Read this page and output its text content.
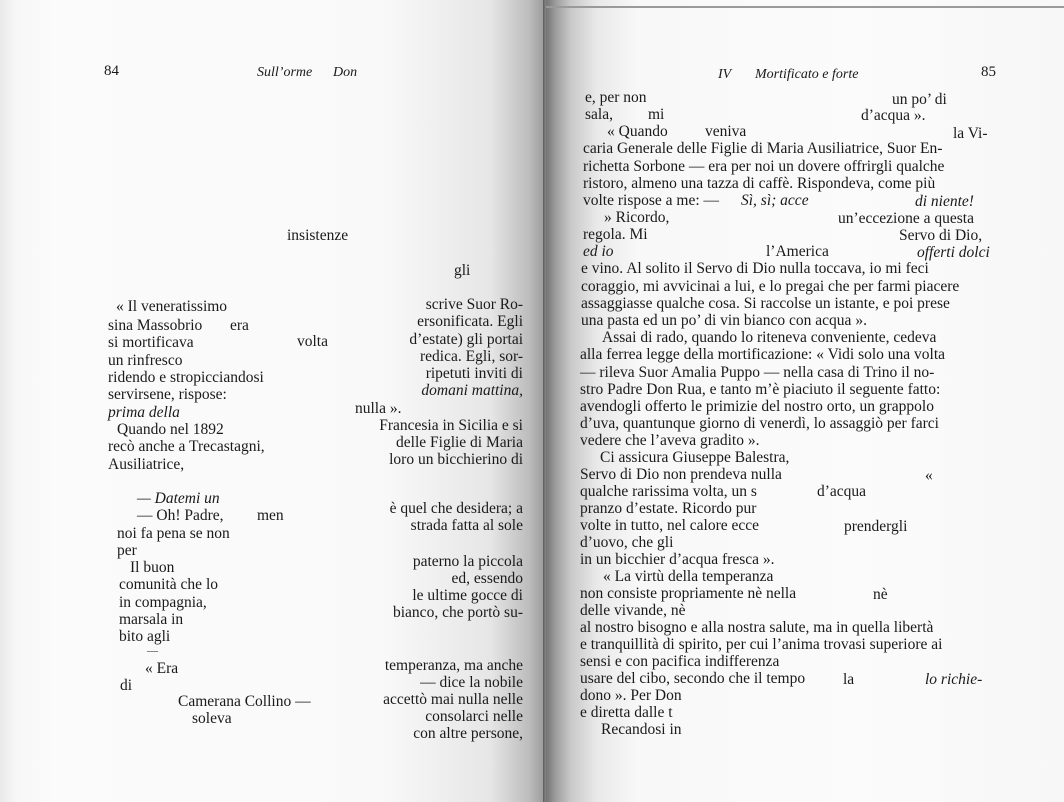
84	Sull’orme Don
insistenze
gli
« Il veneratissimo
sina Massobrio era
si mortificava	volta
un rinfresco
ridendo e stropicciandosi
servirsene, rispose:
prima della
Quando nel 1892
recò anche a Trecastagni,
Ausiliatrice,
— Datemi un
— Oh! Padre, men
noi fa pena se non
per
Il buon
comunità che lo
in compagnia,
marsala in
bito agli
—
« Era
di
Camerana Collino —
soleva
scrive Suor Ro-
ersonificata. Egli
d’estate) gli portai
redica. Egli, sor-
ripetuti inviti di
domani mattina,
nulla ».
Francesia in Sicilia e si
delle Figlie di Maria
loro un bicchierino di
è quel che desidera; a
strada fatta al sole
paterno la piccola
ed, essendo
le ultime gocce di
bianco, che portò su-
temperanza, ma anche
— dice la nobile
accettò mai nulla nelle
consolarci nelle
con altre persone,
IV Mortificato e forte	85
e, per non	un po’ di
sala, mi	d’acqua ».
« Quando veniva	la Vi-
caria Generale delle Figlie di Maria Ausiliatrice, Suor En-
richetta Sorbone — era per noi un dovere offrirgli qualche
ristoro, almeno una tazza di caffè. Rispondeva, come più
volte rispose a me: — Sì, sì; acce	di niente!
» Ricordo,	un’eccezione a questa
regola. Mi	Servo di Dio,
ed io	l’America	offerti dolci
e vino. Al solito il Servo di Dio nulla toccava, io mi feci
coraggio, mi avvicinai a lui, e lo pregai che per farmi piacere
assaggiasse qualche cosa. Si raccolse un istante, e poi prese
una pasta ed un po’ di vin bianco con acqua ».
Assai di rado, quando lo riteneva conveniente, cedeva
alla ferrea legge della mortificazione: « Vidi solo una volta
— rileva Suor Amalia Puppo — nella casa di Trino il no-
stro Padre Don Rua, e tanto m’è piaciuto il seguente fatto:
avendogli offerto le primizie del nostro orto, un grappolo
d’uva, quantunque giorno di venerdì, lo assaggiò per farci
vedere che l’aveva gradito ».
Ci assicura Giuseppe Balestra,
Servo di Dio non prendeva nulla	«
qualche rarissima volta, un s	d’acqua
pranzo d’estate. Ricordo pur
volte in tutto, nel calore ecce	prendergli
d’uovo, che gli
in un bicchier d’acqua fresca ».
« La virtù della temperanza
non consiste propriamente nè nella	nè
delle vivande, nè
al nostro bisogno e alla nostra salute, ma in quella libertà
e tranquillità di spirito, per cui l’anima trovasi superiore ai
sensi e con pacifica indifferenza
usare del cibo, secondo che il tempo la	lo richie-
dono ». Per Don
e diretta dalle t
Recandosi in
